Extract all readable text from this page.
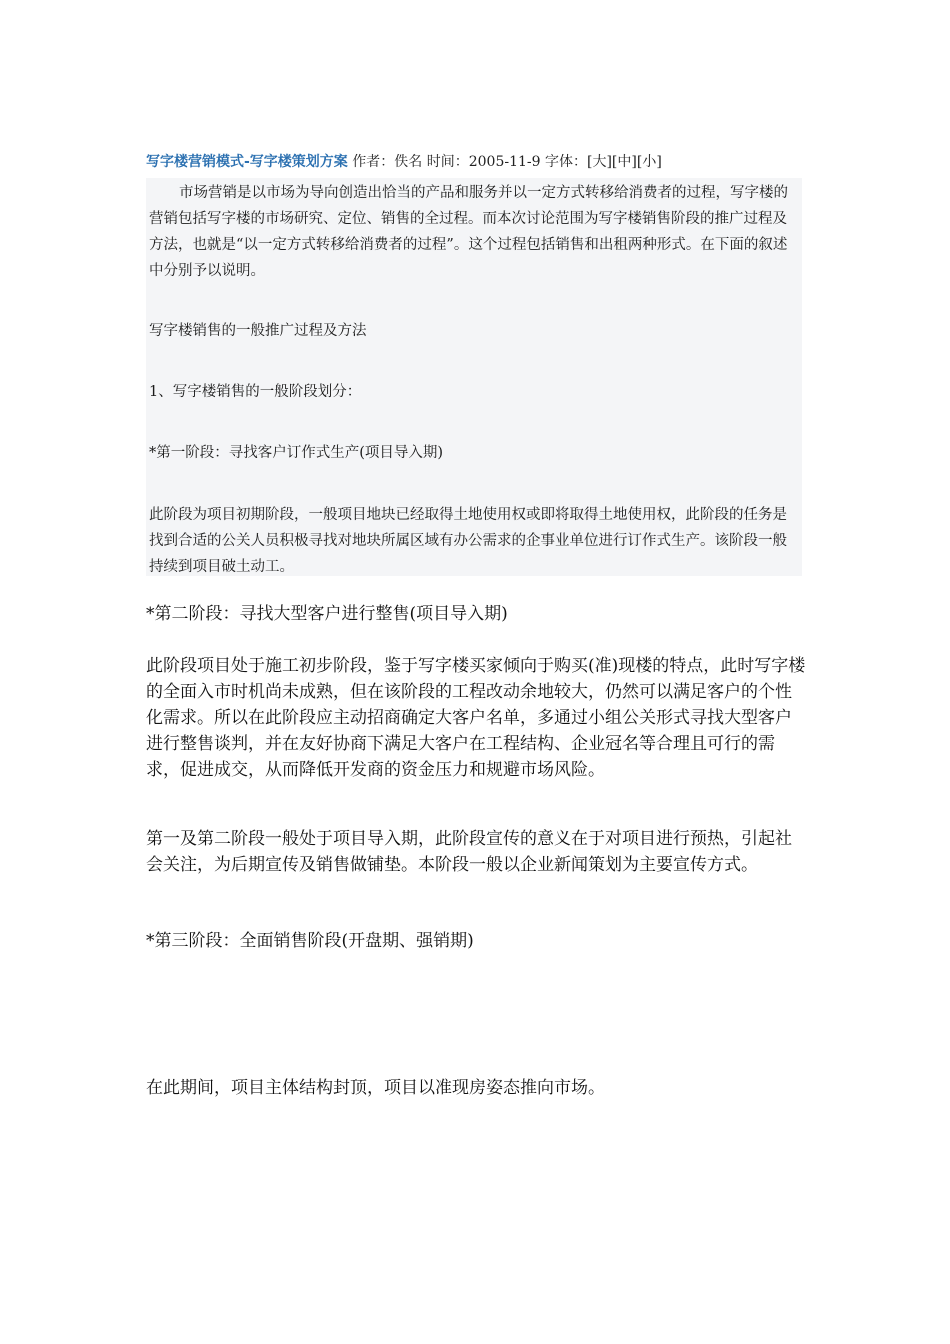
写字楼营销模式-写字楼策划方案 作者：佚名 时间：2005-11-9 字体：[大][中][小]

市场营销是以市场为导向创造出恰当的产品和服务并以一定方式转移给消费者的过程，写字楼的营销包括写字楼的市场研究、定位、销售的全过程。而本次讨论范围为写字楼销售阶段的推广过程及方法，也就是“以一定方式转移给消费者的过程”。这个过程包括销售和出租两种形式。在下面的叙述中分别予以说明。

写字楼销售的一般推广过程及方法

1、写字楼销售的一般阶段划分：

*第一阶段：寻找客户订作式生产(项目导入期)

此阶段为项目初期阶段，一般项目地块已经取得土地使用权或即将取得土地使用权，此阶段的任务是找到合适的公关人员积极寻找对地块所属区域有办公需求的企事业单位进行订作式生产。该阶段一般持续到项目破土动工。

*第二阶段：寻找大型客户进行整售(项目导入期)

此阶段项目处于施工初步阶段，鉴于写字楼买家倾向于购买(准)现楼的特点，此时写字楼的全面入市时机尚未成熟，但在该阶段的工程改动余地较大，仍然可以满足客户的个性化需求。所以在此阶段应主动招商确定大客户名单，多通过小组公关形式寻找大型客户进行整售谈判，并在友好协商下满足大客户在工程结构、企业冠名等合理且可行的需求，促进成交，从而降低开发商的资金压力和规避市场风险。

第一及第二阶段一般处于项目导入期，此阶段宣传的意义在于对项目进行预热，引起社会关注，为后期宣传及销售做铺垫。本阶段一般以企业新闻策划为主要宣传方式。

*第三阶段：全面销售阶段(开盘期、强销期)

在此期间，项目主体结构封顶，项目以准现房姿态推向市场。
